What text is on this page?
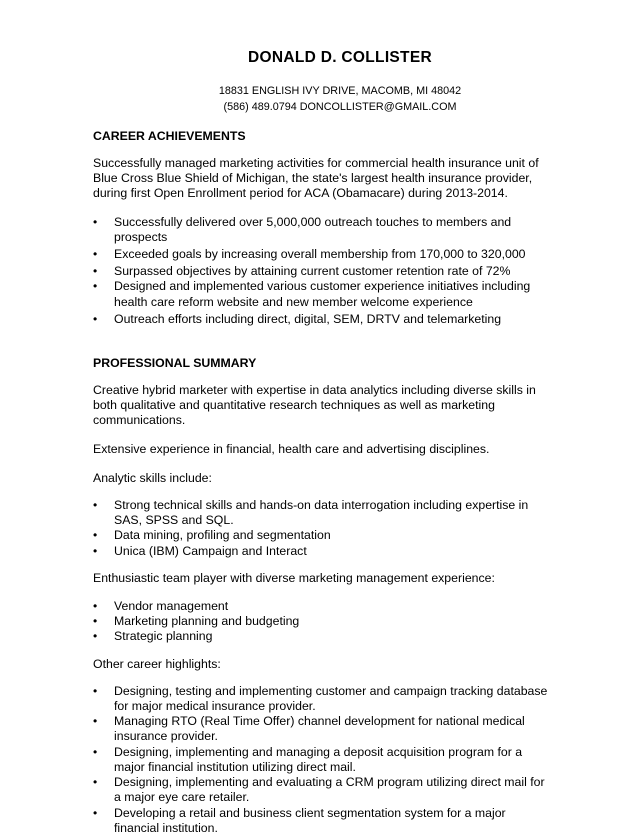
DONALD D. COLLISTER
18831 ENGLISH IVY DRIVE, MACOMB, MI 48042
(586) 489.0794 DONCOLLISTER@GMAIL.COM
CAREER ACHIEVEMENTS

Successfully managed marketing activities for commercial health insurance unit of Blue Cross Blue Shield of Michigan, the state's largest health insurance provider, during first Open Enrollment period for ACA (Obamacare) during 2013-2014.

• Successfully delivered over 5,000,000 outreach touches to members and prospects
• Exceeded goals by increasing overall membership from 170,000 to 320,000
• Surpassed objectives by attaining current customer retention rate of 72%
• Designed and implemented various customer experience initiatives including health care reform website and new member welcome experience
• Outreach efforts including direct, digital, SEM, DRTV and telemarketing
PROFESSIONAL SUMMARY

Creative hybrid marketer with expertise in data analytics including diverse skills in both qualitative and quantitative research techniques as well as marketing communications.

Extensive experience in financial, health care and advertising disciplines.

Analytic skills include:

• Strong technical skills and hands-on data interrogation including expertise in SAS, SPSS and SQL.
• Data mining, profiling and segmentation
• Unica (IBM) Campaign and Interact

Enthusiastic team player with diverse marketing management experience:

• Vendor management
• Marketing planning and budgeting
• Strategic planning

Other career highlights:

• Designing, testing and implementing customer and campaign tracking database for major medical insurance provider.
• Managing RTO (Real Time Offer) channel development for national medical insurance provider.
• Designing, implementing and managing a deposit acquisition program for a major financial institution utilizing direct mail.
• Designing, implementing and evaluating a CRM program utilizing direct mail for a major eye care retailer.
• Developing a retail and business client segmentation system for a major financial institution.
